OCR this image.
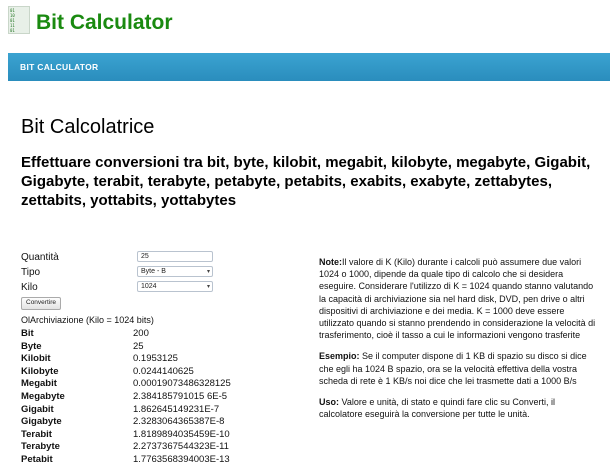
01
10
01
11
01	Bit Calculator
BIT CALCULATOR
Bit Calcolatrice
Effettuare conversioni tra bit, byte, kilobit, megabit, kilobyte, megabyte, Gigabit, Gigabyte, terabit, terabyte, petabyte, petabits, exabits, exabyte, zettabytes, zettabits, yottabits, yottabytes
Quantità	25
Tipo	Byte - B	▾
Kilo	1024	▾
Convertire
OlArchiviazione (Kilo = 1024 bits)
Bit	200
Byte	25
Kilobit	0.1953125
Kilobyte	0.0244140625
Megabit	0.00019073486328125
Megabyte	2.384185791015 6E-5
Gigabit	1.862645149231E-7
Gigabyte	2.3283064365387E-8
Terabit	1.8189894035459E-10
Terabyte	2.2737367544323E-11
Petabit	1.7763568394003E-13

Note:Il valore di K (Kilo) durante i calcoli può assumere due valori 1024 o 1000, dipende da quale tipo di calcolo che si desidera eseguire. Considerare l'utilizzo di K = 1024 quando stanno valutando la capacità di archiviazione sia nel hard disk, DVD, pen drive o altri dispositivi di archiviazione e dei media. K = 1000 deve essere utilizzato quando si stanno prendendo in considerazione la velocità di trasferimento, cioè il tasso a cui le informazioni vengono trasferite

Esempio: Se il computer dispone di 1 KB di spazio su disco si dice che egli ha 1024 B spazio, ora se la velocità effettiva della vostra scheda di rete è 1 KB/s noi dice che lei trasmette dati a 1000 B/s

Uso: Valore e unità, di stato e quindi fare clic su Converti, il calcolatore eseguirà la conversione per tutte le unità.
